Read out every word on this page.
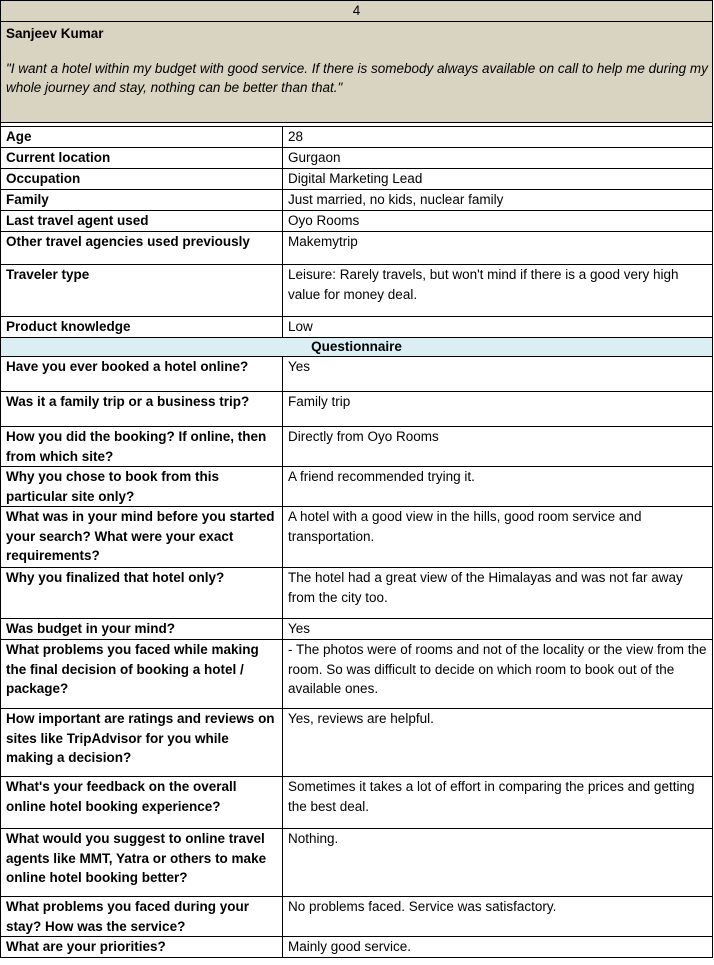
4	

Sanjeev Kumar
"I want a hotel within my budget with good service. If there is somebody always available on call to help me during my whole journey and stay, nothing can be better than that."	

Age	28
Current location	Gurgaon
Occupation	Digital Marketing Lead
Family	Just married, no kids, nuclear family
Last travel agent used	Oyo Rooms
Other travel agencies used previously	Makemytrip
Traveler type	Leisure: Rarely travels, but won't mind if there is a good very high value for money deal.
Product knowledge	Low
Questionnaire	
Have you ever booked a hotel online?	Yes
Was it a family trip or a business trip?	Family trip
How you did the booking? If online, then from which site?	Directly from Oyo Rooms
Why you chose to book from this particular site only?	A friend recommended trying it.
What was in your mind before you started your search? What were your exact requirements?	A hotel with a good view in the hills, good room service and transportation.
Why you finalized that hotel only?	The hotel had a great view of the Himalayas and was not far away from the city too.
Was budget in your mind?	Yes
What problems you faced while making the final decision of booking a hotel / package?	- The photos were of rooms and not of the locality or the view from the room. So was difficult to decide on which room to book out of the available ones.
How important are ratings and reviews on sites like TripAdvisor for you while making a decision?	Yes, reviews are helpful.
What's your feedback on the overall online hotel booking experience?	Sometimes it takes a lot of effort in comparing the prices and getting the best deal.
What would you suggest to online travel agents like MMT, Yatra or others to make online hotel booking better?	Nothing.
What problems you faced during your stay? How was the service?	No problems faced. Service was satisfactory.
What are your priorities?	Mainly good service.
